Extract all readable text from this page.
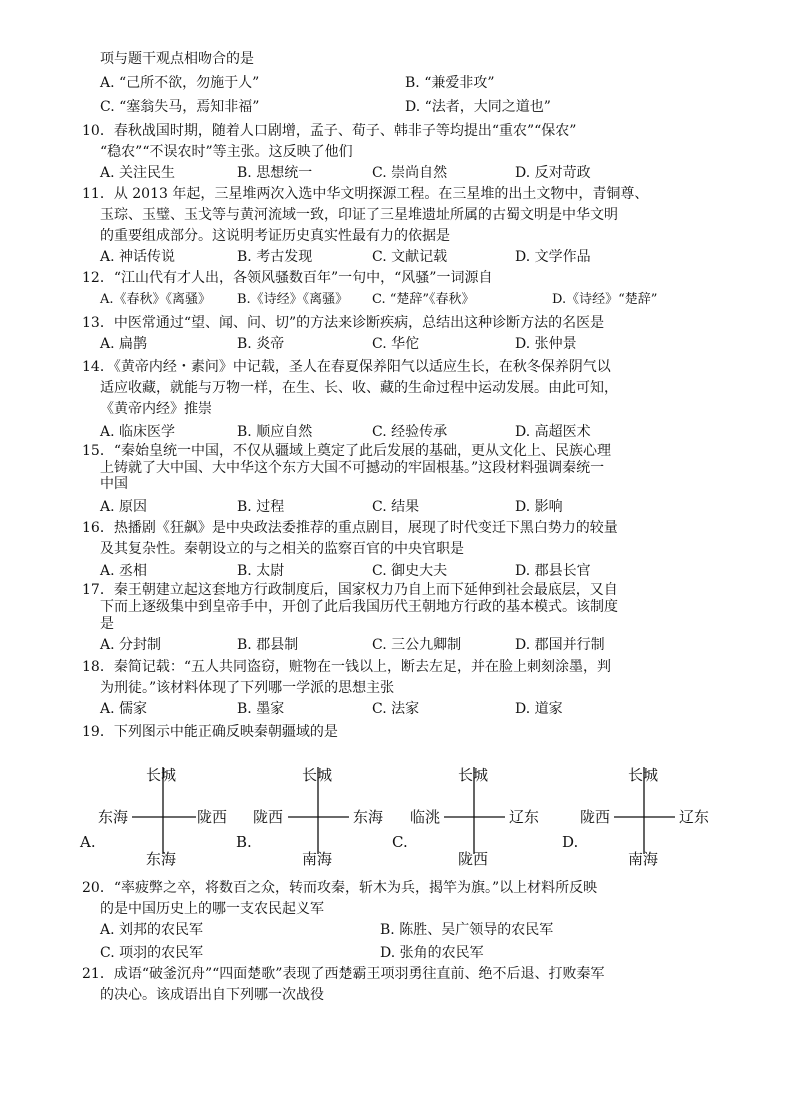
项与题干观点相吻合的是
A. “己所不欲，勿施于人”	B. “兼爱非攻”
C. “塞翁失马，焉知非福”	D. “法者，大同之道也”
10．春秋战国时期，随着人口剧增，孟子、荀子、韩非子等均提出“重农”“保农”
“稳农”“不误农时”等主张。这反映了他们
A. 关注民生	B. 思想统一	C. 崇尚自然	D. 反对苛政
11．从 2013 年起，三星堆两次入选中华文明探源工程。在三星堆的出土文物中，青铜尊、
玉琮、玉璧、玉戈等与黄河流域一致，印证了三星堆遗址所属的古蜀文明是中华文明
的重要组成部分。这说明考证历史真实性最有力的依据是
A. 神话传说	B. 考古发现	C. 文献记载	D. 文学作品
12．“江山代有才人出，各领风骚数百年”一句中，“风骚”一词源自
A.《春秋》《离骚》 B.《诗经》《离骚》 C. “楚辞”《春秋》	D.《诗经》“楚辞”
13．中医常通过“望、闻、问、切”的方法来诊断疾病，总结出这种诊断方法的名医是
A. 扁鹊	B. 炎帝	C. 华佗	D. 张仲景
14．《黄帝内经・素问》中记载，圣人在春夏保养阳气以适应生长，在秋冬保养阴气以
适应收藏，就能与万物一样，在生、长、收、藏的生命过程中运动发展。由此可知，
《黄帝内经》推崇
A. 临床医学	B. 顺应自然	C. 经验传承	D. 高超医术
15．“秦始皇统一中国，不仅从疆域上奠定了此后发展的基础，更从文化上、民族心理
上铸就了大中国、大中华这个东方大国不可撼动的牢固根基。”这段材料强调秦统一
中国
A. 原因	B. 过程	C. 结果	D. 影响
16．热播剧《狂飙》是中央政法委推荐的重点剧目，展现了时代变迁下黑白势力的较量
及其复杂性。秦朝设立的与之相关的监察百官的中央官职是
A. 丞相	B. 太尉	C. 御史大夫	D. 郡县长官
17．秦王朝建立起这套地方行政制度后，国家权力乃自上而下延伸到社会最底层，又自
下而上逐级集中到皇帝手中，开创了此后我国历代王朝地方行政的基本模式。该制度
是
A. 分封制	B. 郡县制	C. 三公九卿制	D. 郡国并行制
18．秦简记载：“五人共同盗窃，赃物在一钱以上，断去左足，并在脸上刺刻涂墨，判
为刑徒。”该材料体现了下列哪一学派的思想主张
A. 儒家	B. 墨家	C. 法家	D. 道家
19．下列图示中能正确反映秦朝疆域的是
长城
东海	陇西
东海
A.
长城
陇西	东海
南海
B.
长城
临洮	辽东
陇西
C.
长城
陇西	辽东
南海
D.
20．“率疲弊之卒，将数百之众，转而攻秦，斩木为兵，揭竿为旗。”以上材料所反映
的是中国历史上的哪一支农民起义军
A. 刘邦的农民军	B. 陈胜、吴广领导的农民军
C. 项羽的农民军	D. 张角的农民军
21．成语“破釜沉舟”“四面楚歌”表现了西楚霸王项羽勇往直前、绝不后退、打败秦军
的决心。该成语出自下列哪一次战役
